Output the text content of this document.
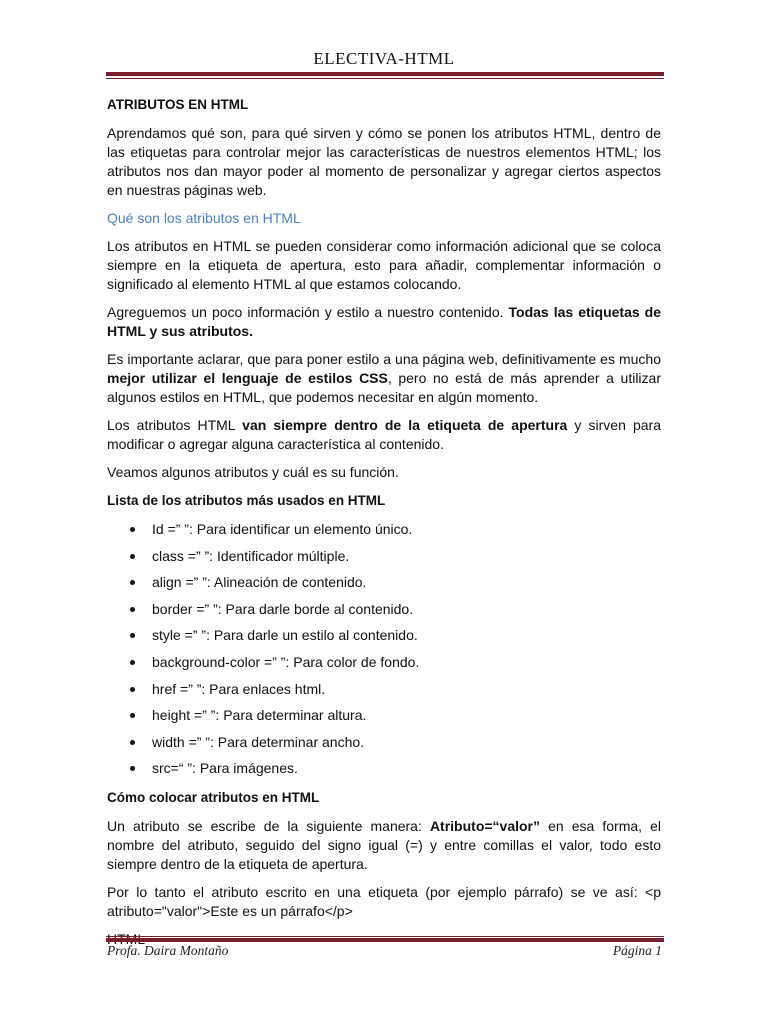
ELECTIVA-HTML
ATRIBUTOS EN HTML

Aprendamos qué son, para qué sirven y cómo se ponen los atributos HTML, dentro de las etiquetas para controlar mejor las características de nuestros elementos HTML; los atributos nos dan mayor poder al momento de personalizar y agregar ciertos aspectos en nuestras páginas web.

Qué son los atributos en HTML

Los atributos en HTML se pueden considerar como información adicional que se coloca siempre en la etiqueta de apertura, esto para añadir, complementar información o significado al elemento HTML al que estamos colocando.

Agreguemos un poco información y estilo a nuestro contenido. Todas las etiquetas de HTML y sus atributos.

Es importante aclarar, que para poner estilo a una página web, definitivamente es mucho mejor utilizar el lenguaje de estilos CSS, pero no está de más aprender a utilizar algunos estilos en HTML, que podemos necesitar en algún momento.

Los atributos HTML van siempre dentro de la etiqueta de apertura y sirven para modificar o agregar alguna característica al contenido.

Veamos algunos atributos y cuál es su función.

Lista de los atributos más usados en HTML
Id =” ”: Para identificar un elemento único.
class =” ”: Identificador múltiple.
align =” ”: Alineación de contenido.
border =” ”: Para darle borde al contenido.
style =” ”: Para darle un estilo al contenido.
background-color =” ”: Para color de fondo.
href =” ”: Para enlaces html.
height =” ”: Para determinar altura.
width =” ”: Para determinar ancho.
src=“ ”: Para imágenes.
Cómo colocar atributos en HTML

Un atributo se escribe de la siguiente manera: Atributo=“valor” en esa forma, el nombre del atributo, seguido del signo igual (=) y entre comillas el valor, todo esto siempre dentro de la etiqueta de apertura.

Por lo tanto el atributo escrito en una etiqueta (por ejemplo párrafo) se ve así: <p atributo="valor">Este es un párrafo</p>

Profa. Daira Montaño	Página 1
